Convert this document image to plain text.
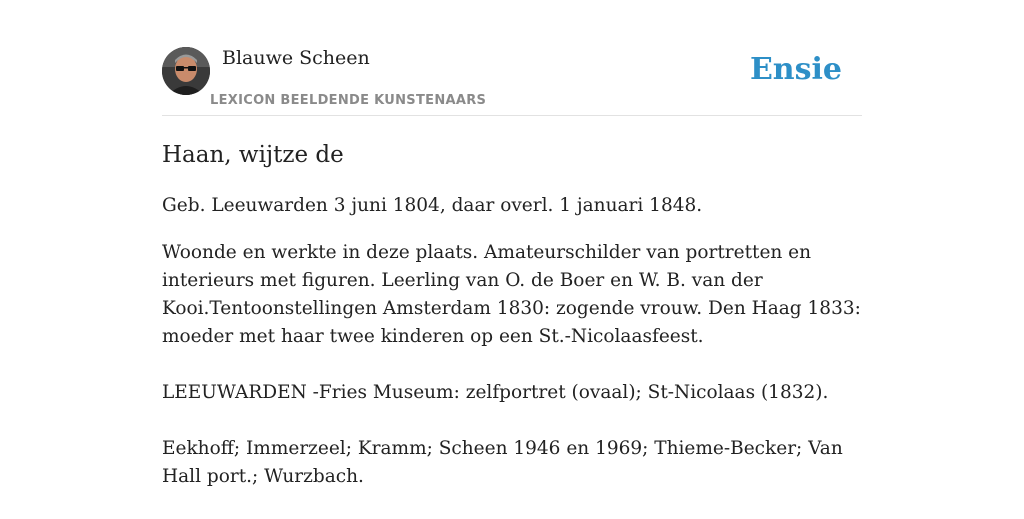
Blauwe Scheen
LEXICON BEELDENDE KUNSTENAARS
Ensie
Haan, wijtze de

Geb. Leeuwarden 3 juni 1804, daar overl. 1 januari 1848.

Woonde en werkte in deze plaats. Amateurschilder van portretten en interieurs met figuren. Leerling van O. de Boer en W. B. van der Kooi.Tentoonstellingen Amsterdam 1830: zogende vrouw. Den Haag 1833: moeder met haar twee kinderen op een St.-Nicolaasfeest.

LEEUWARDEN -Fries Museum: zelfportret (ovaal); St-Nicolaas (1832).

Eekhoff; Immerzeel; Kramm; Scheen 1946 en 1969; Thieme-Becker; Van Hall port.; Wurzbach.
